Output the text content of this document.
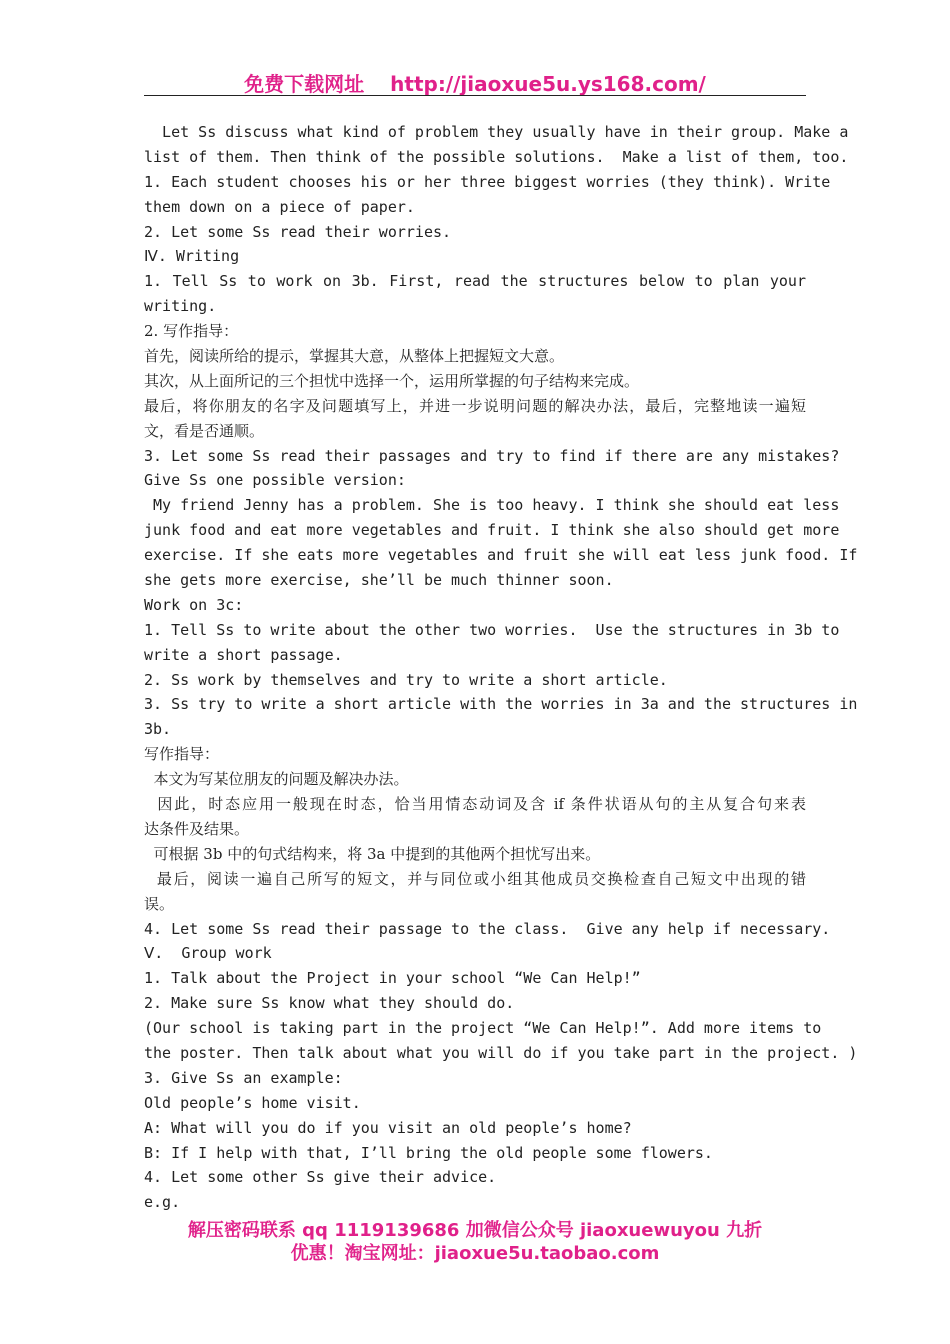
免费下载网址 http://jiaoxue5u.ys168.com/
Let Ss discuss what kind of problem they usually have in their group. Make a
list of them. Then think of the possible solutions.  Make a list of them, too.
1. Each student chooses his or her three biggest worries (they think). Write
them down on a piece of paper.
2. Let some Ss read their worries.
Ⅳ. Writing
1. Tell Ss to work on 3b. First, read the structures below to plan your
writing.
2. 写作指导：
首先，阅读所给的提示，掌握其大意，从整体上把握短文大意。
其次，从上面所记的三个担忧中选择一个，运用所掌握的句子结构来完成。
最后，将你朋友的名字及问题填写上，并进一步说明问题的解决办法，最后，完整地读一遍短
文，看是否通顺。
3. Let some Ss read their passages and try to find if there are any mistakes?
Give Ss one possible version:
My friend Jenny has a problem. She is too heavy. I think she should eat less
junk food and eat more vegetables and fruit. I think she also should get more
exercise. If she eats more vegetables and fruit she will eat less junk food. If
she gets more exercise, she’ll be much thinner soon.
Work on 3c:
1. Tell Ss to write about the other two worries.  Use the structures in 3b to
write a short passage.
2. Ss work by themselves and try to write a short article.
3. Ss try to write a short article with the worries in 3a and the structures in
3b.
写作指导：
本文为写某位朋友的问题及解决办法。
因此，时态应用一般现在时态，恰当用情态动词及含 if 条件状语从句的主从复合句来表
达条件及结果。
可根据 3b 中的句式结构来，将 3a 中提到的其他两个担忧写出来。
最后，阅读一遍自己所写的短文，并与同位或小组其他成员交换检查自己短文中出现的错
误。
4. Let some Ss read their passage to the class.  Give any help if necessary.
Ⅴ.  Group work
1. Talk about the Project in your school “We Can Help!”
2. Make sure Ss know what they should do.
(Our school is taking part in the project “We Can Help!”. Add more items to
the poster. Then talk about what you will do if you take part in the project. )
3. Give Ss an example:
Old people’s home visit.
A: What will you do if you visit an old people’s home?
B: If I help with that, I’ll bring the old people some flowers.
4. Let some other Ss give their advice.
e.g.
解压密码联系 qq 1119139686 加微信公众号 jiaoxuewuyou 九折
优惠！淘宝网址：jiaoxue5u.taobao.com
